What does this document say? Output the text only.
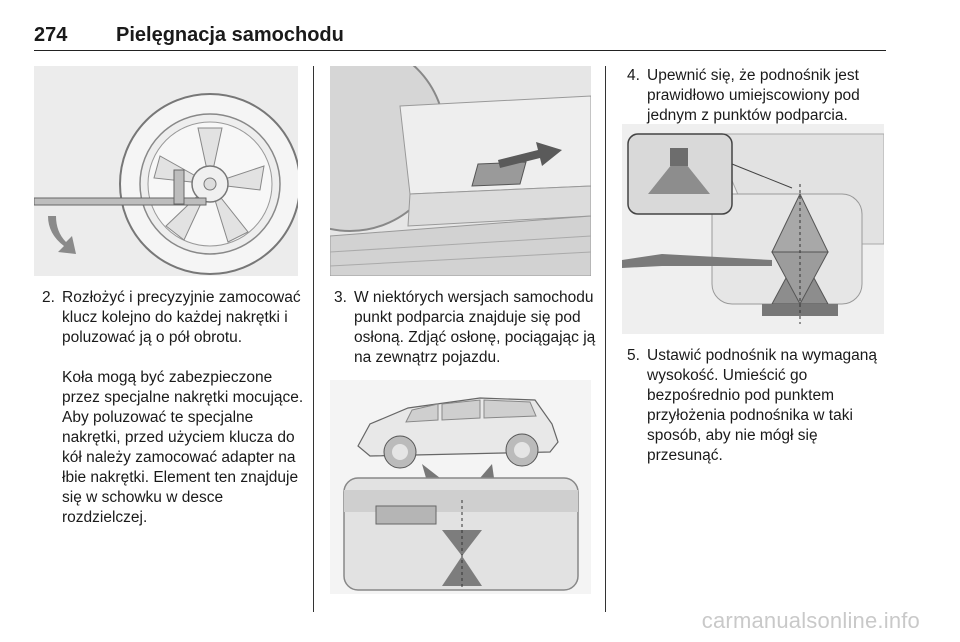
274 Pielęgnacja samochodu
2. Rozłożyć i precyzyjnie zamocować klucz kolejno do każdej nakrętki i poluzować ją o pół obrotu.
Koła mogą być zabezpieczone przez specjalne nakrętki mocujące. Aby poluzować te specjalne nakrętki, przed użyciem klucza do kół należy zamocować adapter na łbie nakrętki. Element ten znajduje się w schowku w desce rozdzielczej.
3. W niektórych wersjach samochodu punkt podparcia znajduje się pod osłoną. Zdjąć osłonę, pociągając ją na zewnątrz pojazdu.
4. Upewnić się, że podnośnik jest prawidłowo umiejscowiony pod jednym z punktów podparcia.
5. Ustawić podnośnik na wymaganą wysokość. Umieścić go bezpośrednio pod punktem przyłożenia podnośnika w taki sposób, aby nie mógł się przesunąć.
carmanualsonline.info
